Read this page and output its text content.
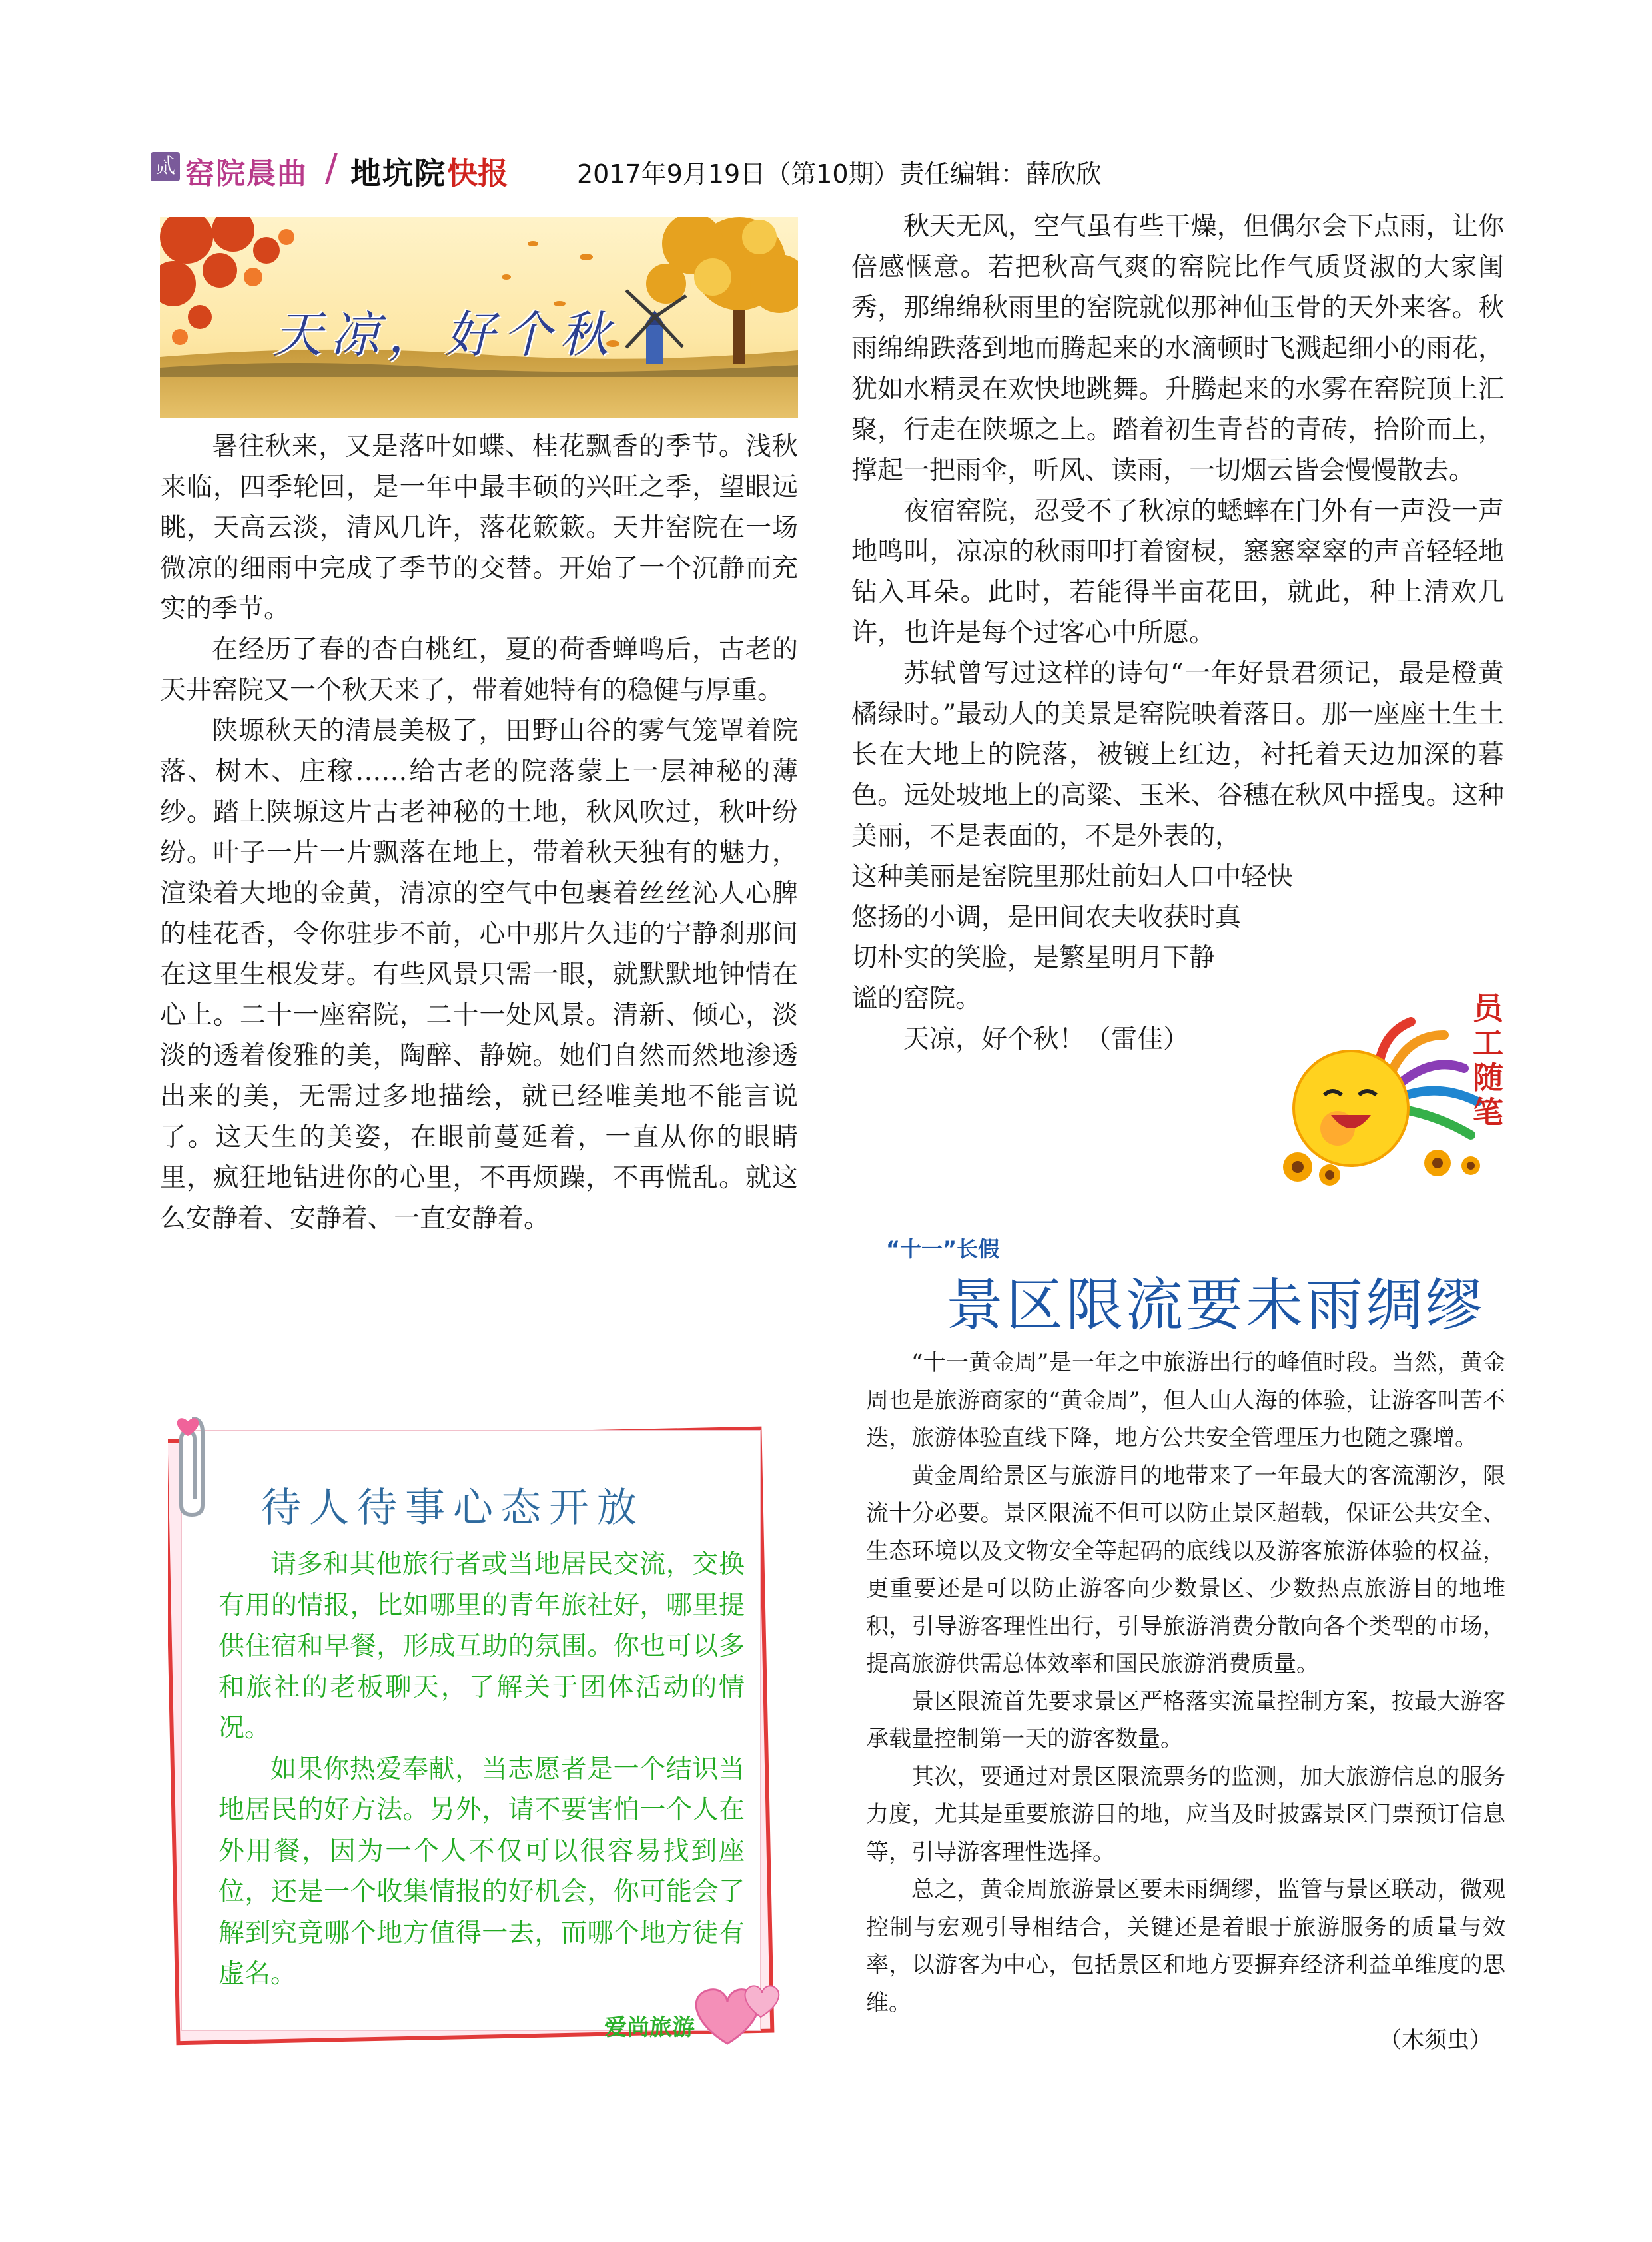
贰 窑院晨曲 / 地坑院 快报	2017年9月19日（第10期）责任编辑：薛欣欣
天凉，好个秋

暑往秋来，又是落叶如蝶、桂花飘香的季节。浅秋来临，四季轮回，是一年中最丰硕的兴旺之季，望眼远眺，天高云淡，清风几许，落花簌簌。天井窑院在一场微凉的细雨中完成了季节的交替。开始了一个沉静而充实的季节。

在经历了春的杏白桃红，夏的荷香蝉鸣后，古老的天井窑院又一个秋天来了，带着她特有的稳健与厚重。

陕塬秋天的清晨美极了，田野山谷的雾气笼罩着院落、树木、庄稼……给古老的院落蒙上一层神秘的薄纱。踏上陕塬这片古老神秘的土地，秋风吹过，秋叶纷纷。叶子一片一片飘落在地上，带着秋天独有的魅力，渲染着大地的金黄，清凉的空气中包裹着丝丝沁人心脾的桂花香，令你驻步不前，心中那片久违的宁静刹那间在这里生根发芽。有些风景只需一眼，就默默地钟情在心上。二十一座窑院，二十一处风景。清新、倾心，淡淡的透着俊雅的美，陶醉、静婉。她们自然而然地渗透出来的美，无需过多地描绘，就已经唯美地不能言说了。这天生的美姿，在眼前蔓延着，一直从你的眼睛里，疯狂地钻进你的心里，不再烦躁，不再慌乱。就这么安静着、安静着、一直安静着。

秋天无风，空气虽有些干燥，但偶尔会下点雨，让你倍感惬意。若把秋高气爽的窑院比作气质贤淑的大家闺秀，那绵绵秋雨里的窑院就似那神仙玉骨的天外来客。秋雨绵绵跌落到地而腾起来的水滴顿时飞溅起细小的雨花，犹如水精灵在欢快地跳舞。升腾起来的水雾在窑院顶上汇聚，行走在陕塬之上。踏着初生青苔的青砖，拾阶而上，撑起一把雨伞，听风、读雨，一切烟云皆会慢慢散去。

夜宿窑院，忍受不了秋凉的蟋蟀在门外有一声没一声地鸣叫，凉凉的秋雨叩打着窗棂，窸窸窣窣的声音轻轻地钻入耳朵。此时，若能得半亩花田，就此，种上清欢几许，也许是每个过客心中所愿。

苏轼曾写过这样的诗句“一年好景君须记，最是橙黄橘绿时。”最动人的美景是窑院映着落日。那一座座土生土长在大地上的院落，被镀上红边，衬托着天边加深的暮色。远处坡地上的高粱、玉米、谷穗在秋风中摇曳。这种美丽，不是表面的，不是外表的，

这种美丽是窑院里那灶前妇人口中轻快
悠扬的小调，是田间农夫收获时真
切朴实的笑脸，是繁星明月下静
谧的窑院。

天凉，好个秋！（雷佳）

员工随笔
“十一”长假
景区限流要未雨绸缪

“十一黄金周”是一年之中旅游出行的峰值时段。当然，黄金周也是旅游商家的“黄金周”，但人山人海的体验，让游客叫苦不迭，旅游体验直线下降，地方公共安全管理压力也随之骤增。

黄金周给景区与旅游目的地带来了一年最大的客流潮汐，限流十分必要。景区限流不但可以防止景区超载，保证公共安全、生态环境以及文物安全等起码的底线以及游客旅游体验的权益，更重要还是可以防止游客向少数景区、少数热点旅游目的地堆积，引导游客理性出行，引导旅游消费分散向各个类型的市场，提高旅游供需总体效率和国民旅游消费质量。

景区限流首先要求景区严格落实流量控制方案，按最大游客承载量控制第一天的游客数量。

其次，要通过对景区限流票务的监测，加大旅游信息的服务力度，尤其是重要旅游目的地，应当及时披露景区门票预订信息等，引导游客理性选择。

总之，黄金周旅游景区要未雨绸缪，监管与景区联动，微观控制与宏观引导相结合，关键还是着眼于旅游服务的质量与效率，以游客为中心，包括景区和地方要摒弃经济利益单维度的思维。

（木须虫）
待人待事心态开放

请多和其他旅行者或当地居民交流，交换有用的情报，比如哪里的青年旅社好，哪里提供住宿和早餐，形成互助的氛围。你也可以多和旅社的老板聊天，了解关于团体活动的情况。

如果你热爱奉献，当志愿者是一个结识当地居民的好方法。另外，请不要害怕一个人在外用餐，因为一个人不仅可以很容易找到座位，还是一个收集情报的好机会，你可能会了解到究竟哪个地方值得一去，而哪个地方徒有虚名。

爱尚旅游
